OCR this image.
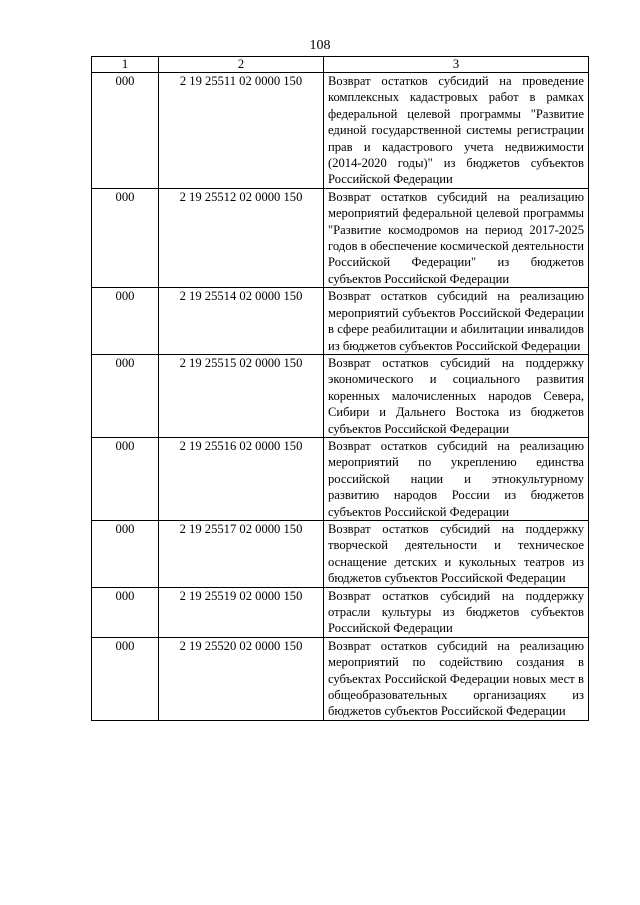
108
1	2	3
000	2 19 25511 02 0000 150	Возврат остатков субсидий на проведение комплексных кадастровых работ в рамках федеральной целевой программы "Развитие единой государственной системы регистрации прав и кадастрового учета недвижимости (2014-2020 годы)" из бюджетов субъектов Российской Федерации
000	2 19 25512 02 0000 150	Возврат остатков субсидий на реализацию мероприятий федеральной целевой программы "Развитие космодромов на период 2017-2025 годов в обеспечение космической деятельности Российской Федерации" из бюджетов субъектов Российской Федерации
000	2 19 25514 02 0000 150	Возврат остатков субсидий на реализацию мероприятий субъектов Российской Федерации в сфере реабилитации и абилитации инвалидов из бюджетов субъектов Российской Федерации
000	2 19 25515 02 0000 150	Возврат остатков субсидий на поддержку экономического и социального развития коренных малочисленных народов Севера, Сибири и Дальнего Востока из бюджетов субъектов Российской Федерации
000	2 19 25516 02 0000 150	Возврат остатков субсидий на реализацию мероприятий по укреплению единства российской нации и этнокультурному развитию народов России из бюджетов субъектов Российской Федерации
000	2 19 25517 02 0000 150	Возврат остатков субсидий на поддержку творческой деятельности и техническое оснащение детских и кукольных театров из бюджетов субъектов Российской Федерации
000	2 19 25519 02 0000 150	Возврат остатков субсидий на поддержку отрасли культуры из бюджетов субъектов Российской Федерации
000	2 19 25520 02 0000 150	Возврат остатков субсидий на реализацию мероприятий по содействию создания в субъектах Российской Федерации новых мест в общеобразовательных организациях из бюджетов субъектов Российской Федерации
